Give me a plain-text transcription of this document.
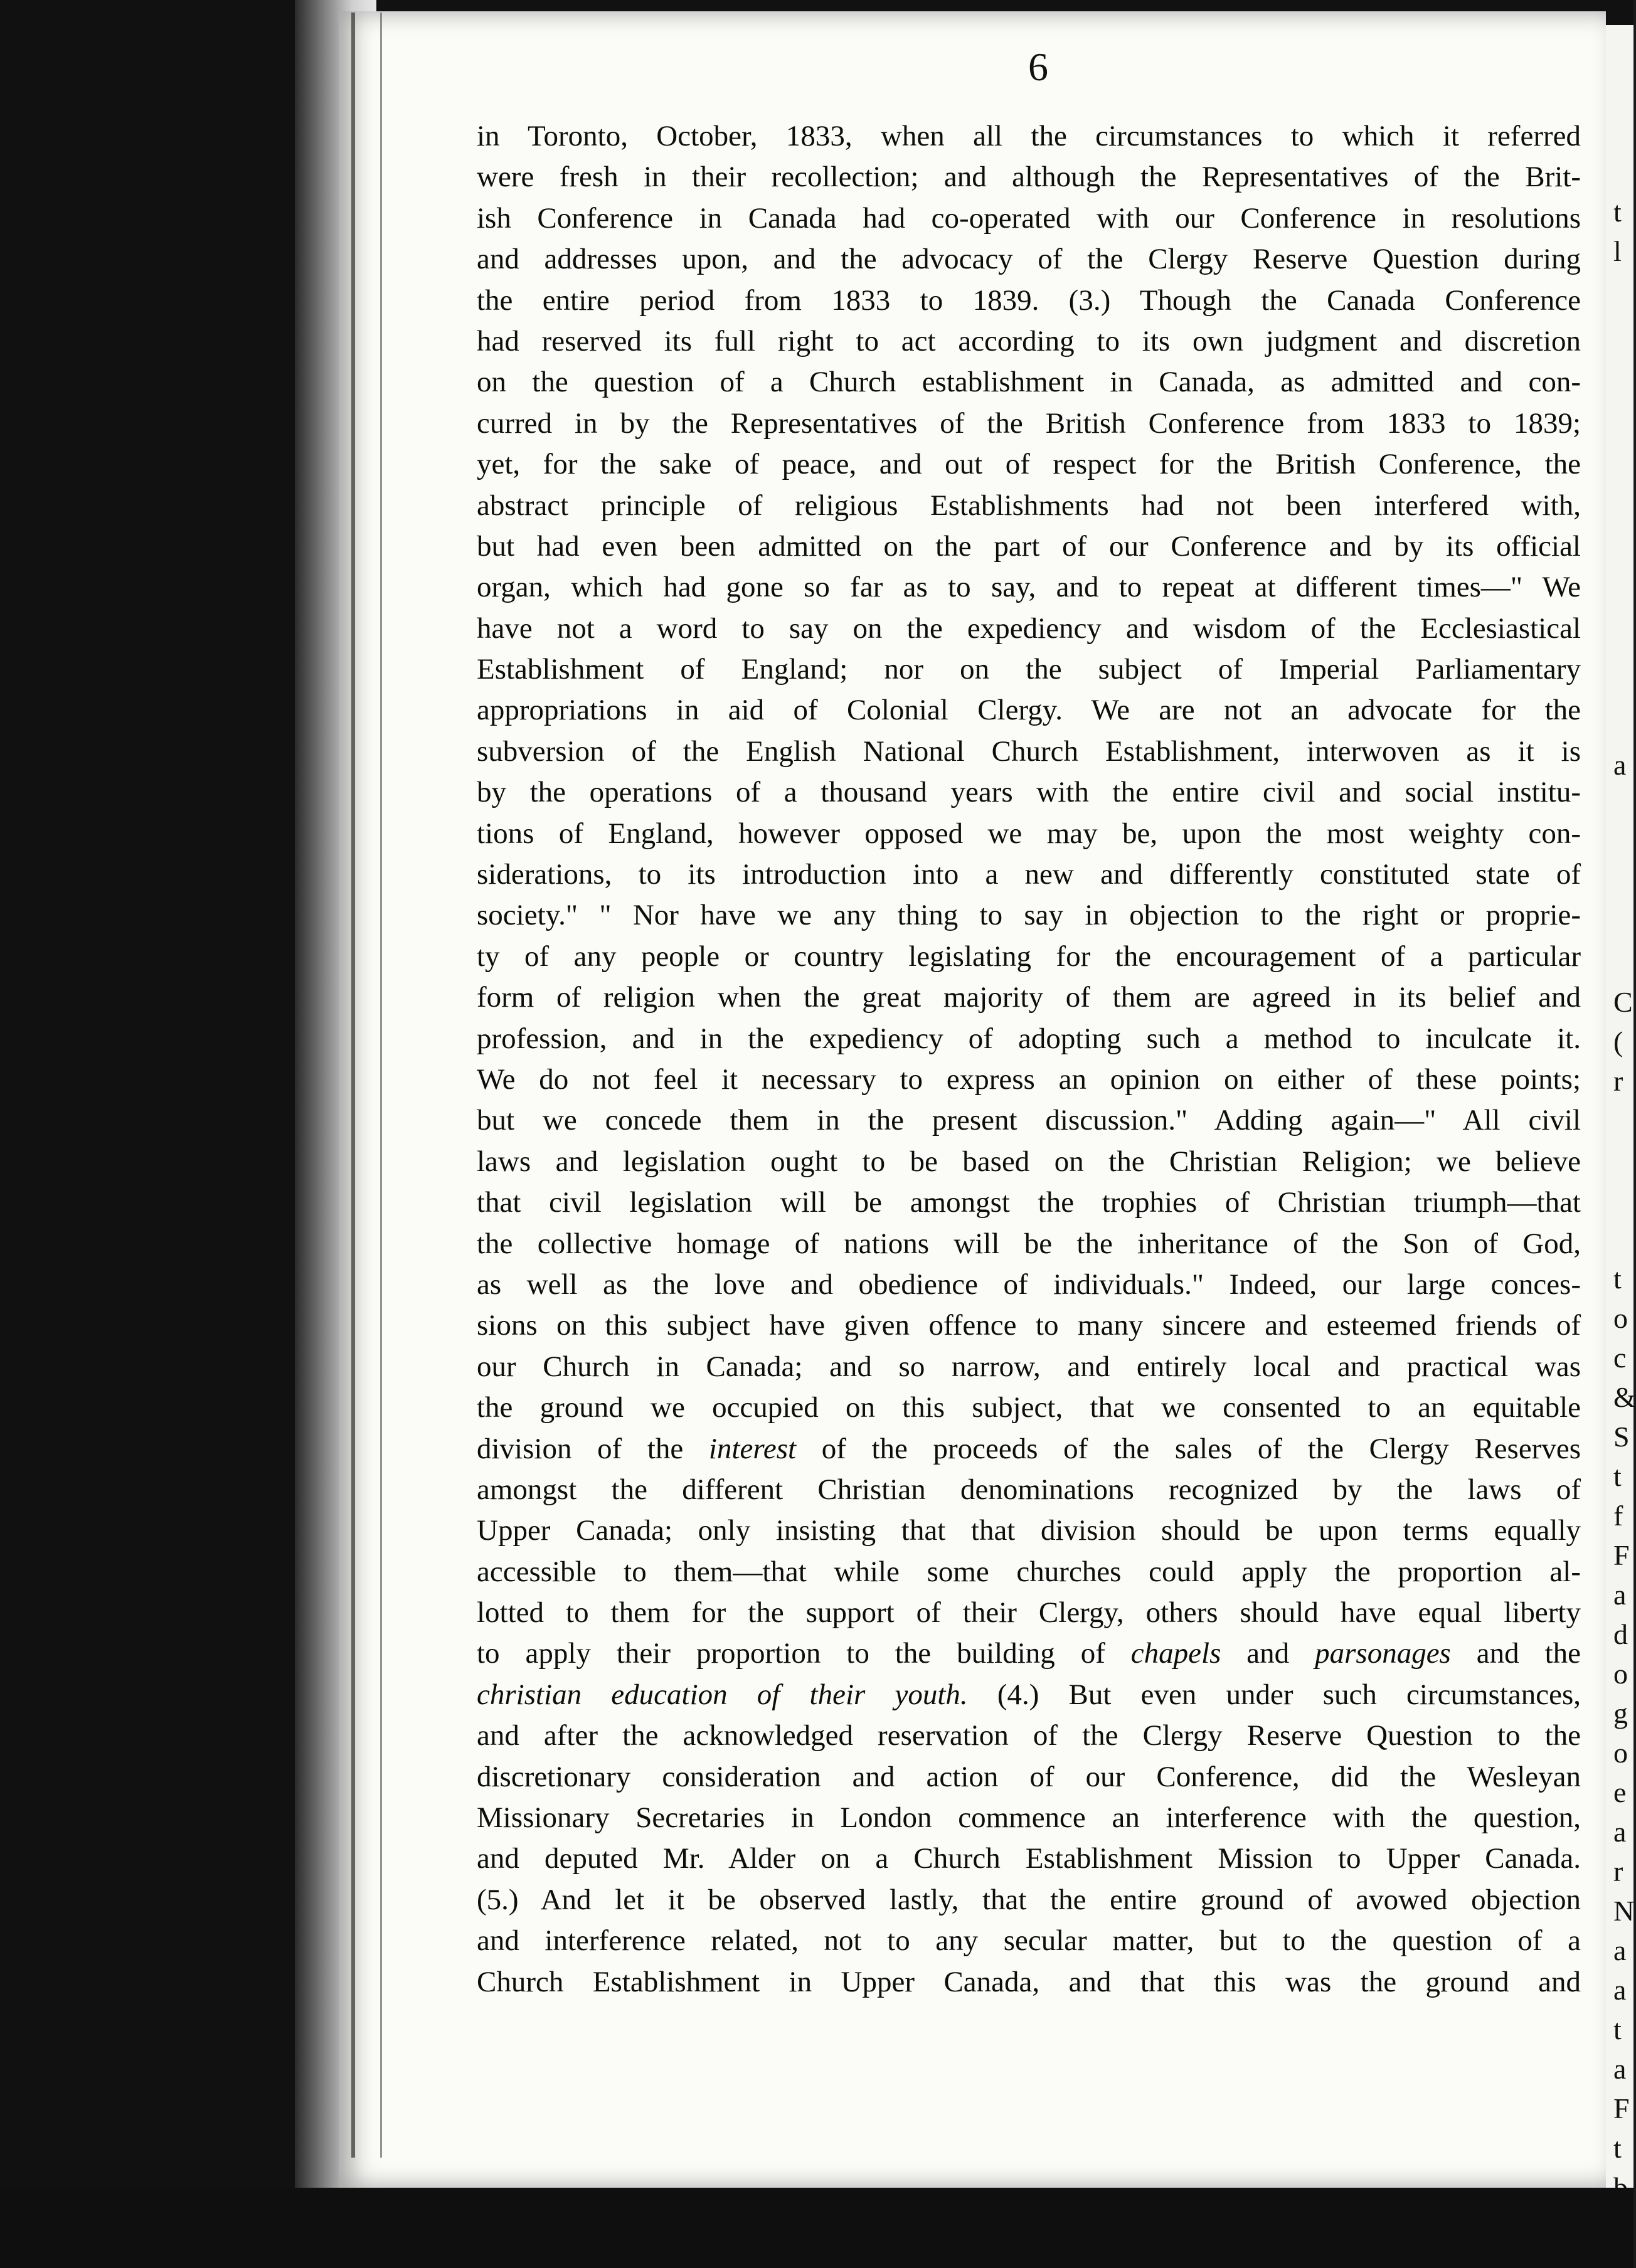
6
in Toronto, October, 1833, when all the circumstances to which it referred
were fresh in their recollection; and although the Representatives of the Brit-
ish Conference in Canada had co-operated with our Conference in resolutions
and addresses upon, and the advocacy of the Clergy Reserve Question during
the entire period from 1833 to 1839. (3.) Though the Canada Conference
had reserved its full right to act according to its own judgment and discretion
on the question of a Church establishment in Canada, as admitted and con-
curred in by the Representatives of the British Conference from 1833 to 1839;
yet, for the sake of peace, and out of respect for the British Conference, the
abstract principle of religious Establishments had not been interfered with,
but had even been admitted on the part of our Conference and by its official
organ, which had gone so far as to say, and to repeat at different times—" We
have not a word to say on the expediency and wisdom of the Ecclesiastical
Establishment of England; nor on the subject of Imperial Parliamentary
appropriations in aid of Colonial Clergy. We are not an advocate for the
subversion of the English National Church Establishment, interwoven as it is
by the operations of a thousand years with the entire civil and social institu-
tions of England, however opposed we may be, upon the most weighty con-
siderations, to its introduction into a new and differently constituted state of
society." " Nor have we any thing to say in objection to the right or proprie-
ty of any people or country legislating for the encouragement of a particular
form of religion when the great majority of them are agreed in its belief and
profession, and in the expediency of adopting such a method to inculcate it.
We do not feel it necessary to express an opinion on either of these points;
but we concede them in the present discussion." Adding again—" All civil
laws and legislation ought to be based on the Christian Religion; we believe
that civil legislation will be amongst the trophies of Christian triumph—that
the collective homage of nations will be the inheritance of the Son of God,
as well as the love and obedience of individuals." Indeed, our large conces-
sions on this subject have given offence to many sincere and esteemed friends of
our Church in Canada; and so narrow, and entirely local and practical was
the ground we occupied on this subject, that we consented to an equitable
division of the interest of the proceeds of the sales of the Clergy Reserves
amongst the different Christian denominations recognized by the laws of
Upper Canada; only insisting that that division should be upon terms equally
accessible to them—that while some churches could apply the proportion al-
lotted to them for the support of their Clergy, others should have equal liberty
to apply their proportion to the building of chapels and parsonages and the
christian education of their youth. (4.) But even under such circumstances,
and after the acknowledged reservation of the Clergy Reserve Question to the
discretionary consideration and action of our Conference, did the Wesleyan
Missionary Secretaries in London commence an interference with the question,
and deputed Mr. Alder on a Church Establishment Mission to Upper Canada.
(5.) And let it be observed lastly, that the entire ground of avowed objection
and interference related, not to any secular matter, but to the question of a
Church Establishment in Upper Canada, and that this was the ground and
t
l
a
C
(
r
t
o
c
&
S
t
f
F
a
d
o
g
o
e
a
r
N
a
a
t
a
F
t
